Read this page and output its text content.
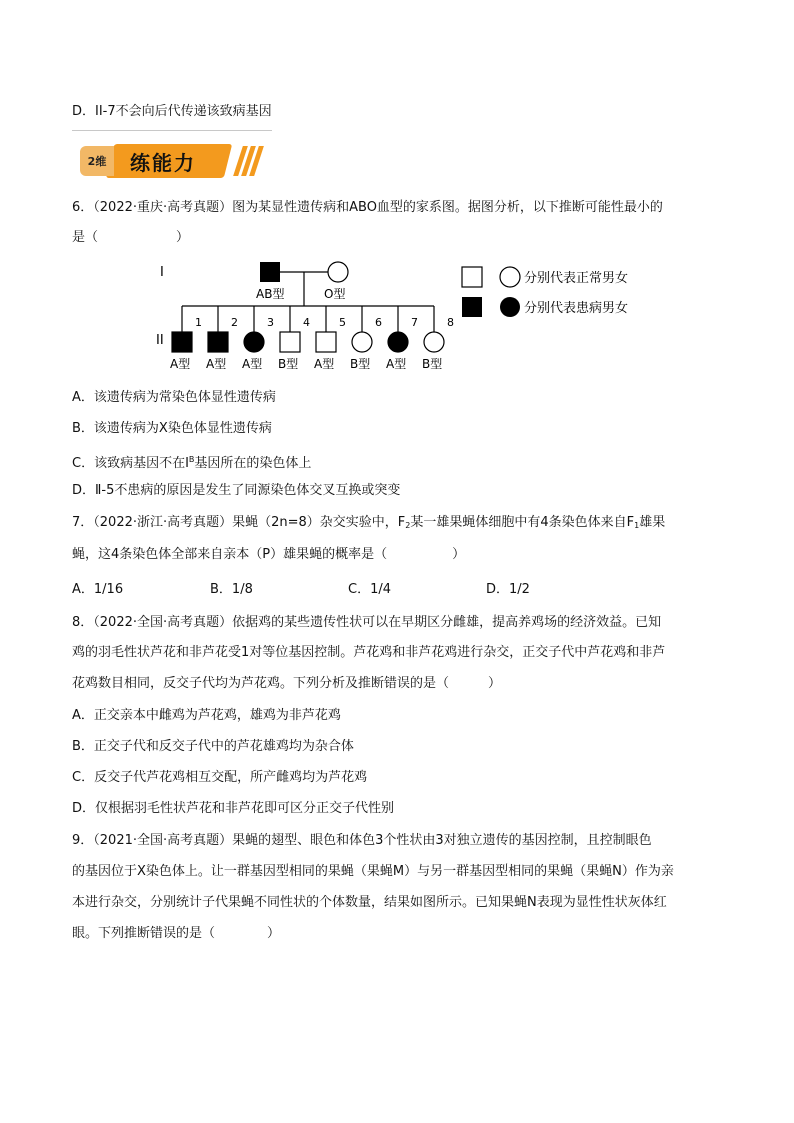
D．II-7不会向后代传递该致病基因
2维	练能力
6．（2022·重庆·高考真题）图为某显性遗传病和ABO血型的家系图。据图分析，以下推断可能性最小的
是（　　　　　　）
I
II
AB型	O型
1
A型
2
A型
3
A型
4
B型
5
A型
6
B型
7
A型
8
B型
分别代表正常男女
分别代表患病男女
A．该遗传病为常染色体显性遗传病
B．该遗传病为X染色体显性遗传病
C．该致病基因不在Ⅰ$^B$基因所在的染色体上
D．Ⅱ-5不患病的原因是发生了同源染色体交叉互换或突变
7．（2022·浙江·高考真题）果蝇（2n=8）杂交实验中，$F_2$某一雄果蝇体细胞中有4条染色体来自$F_1$雄果
蝇，这4条染色体全部来自亲本（P）雄果蝇的概率是（　　　　　）
A．1/16	B．1/8	C．1/4	D．1/2
8．（2022·全国·高考真题）依据鸡的某些遗传性状可以在早期区分雌雄，提高养鸡场的经济效益。已知
鸡的羽毛性状芦花和非芦花受1对等位基因控制。芦花鸡和非芦花鸡进行杂交，正交子代中芦花鸡和非芦
花鸡数目相同，反交子代均为芦花鸡。下列分析及推断错误的是（　　　）
A．正交亲本中雌鸡为芦花鸡，雄鸡为非芦花鸡
B．正交子代和反交子代中的芦花雄鸡均为杂合体
C．反交子代芦花鸡相互交配，所产雌鸡均为芦花鸡
D．仅根据羽毛性状芦花和非芦花即可区分正交子代性别
9．（2021·全国·高考真题）果蝇的翅型、眼色和体色3个性状由3对独立遗传的基因控制，且控制眼色
的基因位于X染色体上。让一群基因型相同的果蝇（果蝇M）与另一群基因型相同的果蝇（果蝇N）作为亲
本进行杂交，分别统计子代果蝇不同性状的个体数量，结果如图所示。已知果蝇N表现为显性性状灰体红
眼。下列推断错误的是（　　　　）
